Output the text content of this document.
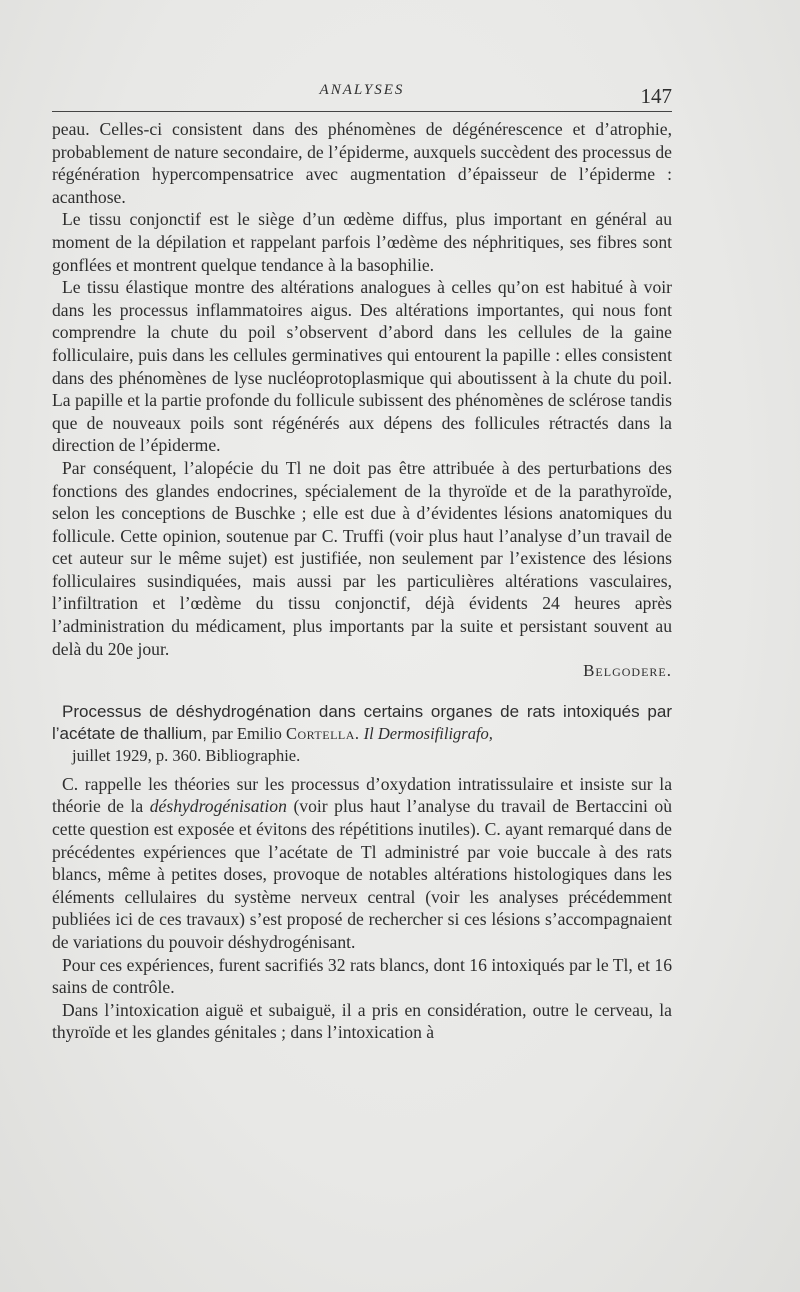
ANALYSES	147

peau. Celles-ci consistent dans des phénomènes de dégénérescence et d’atrophie, probablement de nature secondaire, de l’épiderme, auxquels succèdent des processus de régénération hypercompensatrice avec augmentation d’épaisseur de l’épiderme : acanthose.

Le tissu conjonctif est le siège d’un œdème diffus, plus important en général au moment de la dépilation et rappelant parfois l’œdème des néphritiques, ses fibres sont gonflées et montrent quelque tendance à la basophilie.

Le tissu élastique montre des altérations analogues à celles qu’on est habitué à voir dans les processus inflammatoires aigus. Des altérations importantes, qui nous font comprendre la chute du poil s’observent d’abord dans les cellules de la gaine folliculaire, puis dans les cellules germinatives qui entourent la papille : elles consistent dans des phénomènes de lyse nucléoprotoplasmique qui aboutissent à la chute du poil. La papille et la partie profonde du follicule subissent des phénomènes de sclérose tandis que de nouveaux poils sont régénérés aux dépens des follicules rétractés dans la direction de l’épiderme.

Par conséquent, l’alopécie du Tl ne doit pas être attribuée à des perturbations des fonctions des glandes endocrines, spécialement de la thyroïde et de la parathyroïde, selon les conceptions de Buschke ; elle est due à d’évidentes lésions anatomiques du follicule. Cette opinion, soutenue par C. Truffi (voir plus haut l’analyse d’un travail de cet auteur sur le même sujet) est justifiée, non seulement par l’existence des lésions folliculaires susindiquées, mais aussi par les particulières altérations vasculaires, l’infiltration et l’œdème du tissu conjonctif, déjà évidents 24 heures après l’administration du médicament, plus importants par la suite et persistant souvent au delà du 20e jour.

Belgodere.

Processus de déshydrogénation dans certains organes de rats intoxiqués par l’acétate de thallium, par Emilio Cortella. Il Dermosifiligrafo,

juillet 1929, p. 360. Bibliographie.

C. rappelle les théories sur les processus d’oxydation intratissulaire et insiste sur la théorie de la déshydrogénisation (voir plus haut l’analyse du travail de Bertaccini où cette question est exposée et évitons des répétitions inutiles). C. ayant remarqué dans de précédentes expériences que l’acétate de Tl administré par voie buccale à des rats blancs, même à petites doses, provoque de notables altérations histologiques dans les éléments cellulaires du système nerveux central (voir les analyses précédemment publiées ici de ces travaux) s’est proposé de rechercher si ces lésions s’accompagnaient de variations du pouvoir déshydrogénisant.

Pour ces expériences, furent sacrifiés 32 rats blancs, dont 16 intoxiqués par le Tl, et 16 sains de contrôle.

Dans l’intoxication aiguë et subaiguë, il a pris en considération, outre le cerveau, la thyroïde et les glandes génitales ; dans l’intoxication à
